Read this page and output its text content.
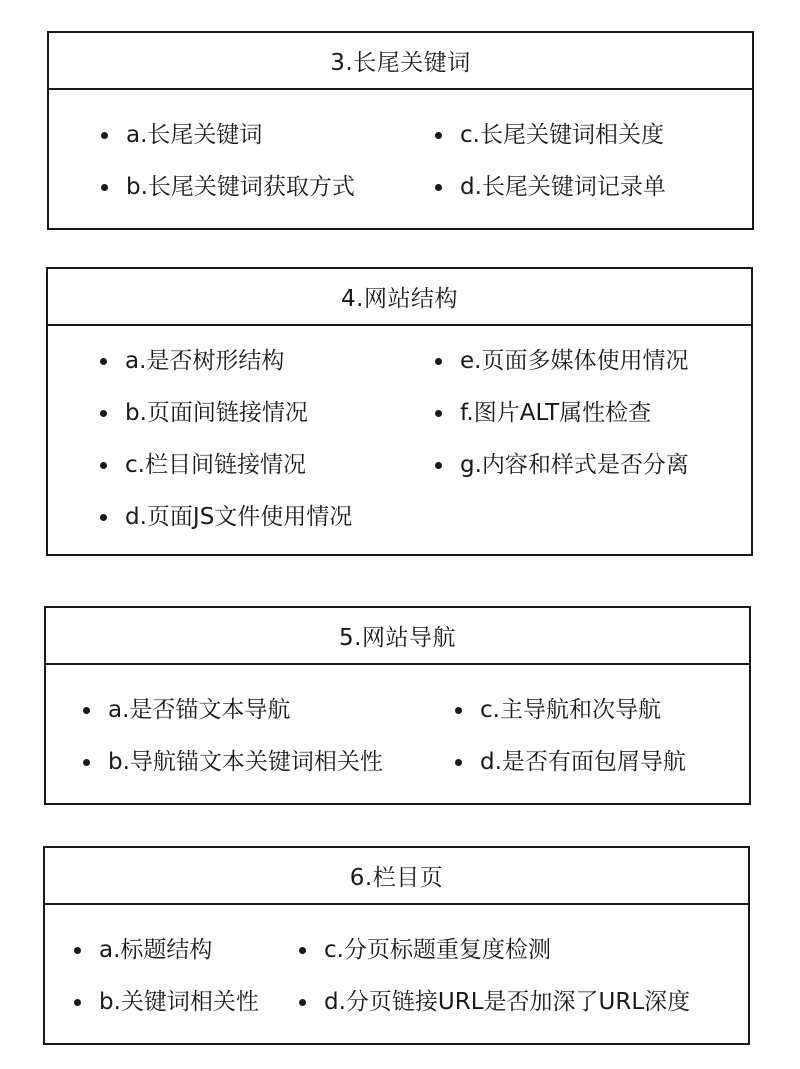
3.长尾关键词
a.长尾关键词
b.长尾关键词获取方式
c.长尾关键词相关度
d.长尾关键词记录单
4.网站结构
a.是否树形结构
b.页面间链接情况
c.栏目间链接情况
d.页面JS文件使用情况
e.页面多媒体使用情况
f.图片ALT属性检查
g.内容和样式是否分离
5.网站导航
a.是否锚文本导航
b.导航锚文本关键词相关性
c.主导航和次导航
d.是否有面包屑导航
6.栏目页
a.标题结构
b.关键词相关性
c.分页标题重复度检测
d.分页链接URL是否加深了URL深度
